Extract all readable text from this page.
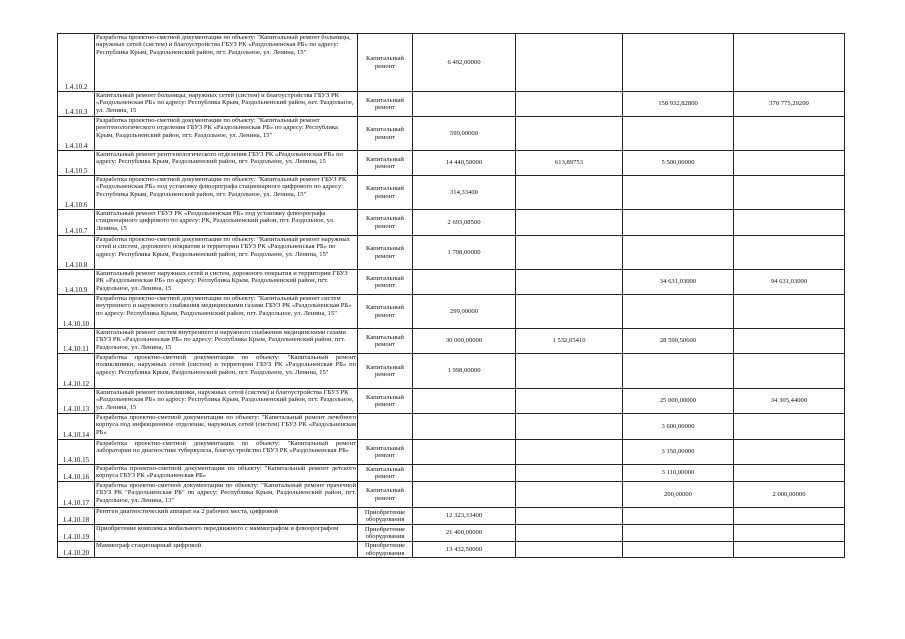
1.4.10.2	Разработка проектно-сметной документации по объекту: "Капитальный ремонт больницы, наружных сетей (систем) и благоустройства ГБУЗ РК «Раздольненская РБ» по адресу: Республика Крым, Раздольненский район, пгт. Раздольное, ул. Ленина, 15"	Капитальный ремонт	6 492,00000			
1.4.10.3	Капитальный ремонт больницы, наружных сетей (систем) и благоустройства ГБУЗ РК «Раздольненская РБ» по адресу: Республика Крым, Раздольненский район, пгт. Раздольное, ул. Ленина, 15	Капитальный ремонт			158 932,82800	370 775,29200
1.4.10.4	Разработка проектно-сметной документации по объекту: "Капитальный ремонт рентгенологического отделения ГБУЗ РК «Раздольненская РБ» по адресу: Республика Крым, Раздольненский район, пгт. Раздольное, ул. Ленина, 15"	Капитальный ремонт	599,00000			
1.4.10.5	Капитальный ремонт рентгенологического отделения ГБУЗ РК «Раздольненская РБ» по адресу: Республика Крым, Раздольненский район, пгт. Раздольное, ул. Ленина, 15	Капитальный ремонт	14 440,50000	613,89753	5 500,00000	
1.4.10.6	Разработка проектно-сметной документации по объекту: "Капитальный ремонт ГБУЗ РК «Раздольненская РБ» под установку флюорографа стационарного цифрового по адресу: Республика Крым, Раздольненский район, пгт. Раздольное, ул. Ленина, 15"	Капитальный ремонт	314,33400			
1.4.10.7	Капитальный ремонт ГБУЗ РК «Раздольненская РБ» под установку флюорографа стационарного цифрового по адресу: РК, Раздольненский район, пгт. Раздольное, ул. Ленина, 15	Капитальный ремонт	2 693,08500			
1.4.10.8	Разработка проектно-сметной документации по объекту: "Капитальный ремонт наружных сетей и систем, дорожного покрытия и территории ГБУЗ РК «Раздольненская РБ» по адресу: Республика Крым, Раздольненский район, пгт. Раздольное, ул. Ленина, 15"	Капитальный ремонт	1 798,00000			
1.4.10.9	Капитальный ремонт наружных сетей и систем, дорожного покрытия и территории ГБУЗ РК «Раздольненская РБ» по адресу: Республика Крым, Раздольненский район, пгт. Раздольное, ул. Ленина, 15	Капитальный ремонт			34 631,03000	94 631,03000
1.4.10.10	Разработка проектно-сметной документации по объекту: "Капитальный ремонт систем внутреннего и наружного снабжения медицинскими газами ГБУЗ РК «Раздольненская РБ» по адресу: Республика Крым, Раздольненский район, пгт. Раздольное, ул. Ленина, 15"	Капитальный ремонт	299,00000			
1.4.10.11	Капитальный ремонт систем внутреннего и наружного снабжения медицинскими газами ГБУЗ РК «Раздольненская РБ» по адресу: Республика Крым, Раздольненский район, пгт. Раздольное, ул. Ленина, 15	Капитальный ремонт	30 000,00000	1 532,65410	28 590,50600	
1.4.10.12	Разработка проектно-сметной документации по объекту: "Капитальный ремонт поликлиники, наружных сетей (систем) и территории ГБУЗ РК «Раздольненская РБ» по адресу: Республика Крым, Раздольненский район, пгт. Раздольное, ул. Ленина, 15"	Капитальный ремонт	1 998,00000			
1.4.10.13	Капитальный ремонт поликлиники, наружных сетей (систем) и благоустройства ГБУЗ РК «Раздольненская РБ» по адресу: Республика Крым, Раздольненский район, пгт. Раздольное, ул. Ленина, 15	Капитальный ремонт			25 000,00000	34 305,44000
1.4.10.14	Разработка проектно-сметной документации по объекту: "Капитальный ремонт лечебного корпуса под инфекционное отделение, наружных сетей (систем) ГБУЗ РК «Раздольненская РБ»				3 600,00000	
1.4.10.15	Разработка проектно-сметной документации по объекту: "Капитальный ремонт лаборатории по диагностике туберкулеза, благоустройство ГБУЗ РК «Раздольненская РБ»	Капитальный ремонт			3 150,00000	
1.4.10.16	Разработка проектно-сметной документации по объекту: "Капитальный ремонт детского корпуса ГБУЗ РК «Раздольненская РБ»	Капитальный ремонт			3 110,00000	
1.4.10.17	Разработка проектно-сметной документации по объекту: "Капитальный ремонт прачечной ГБУЗ РК "Раздольненская РБ" по адресу: Республика Крым, Раздольненский район, пгт. Раздольное, ул. Ленина, 13"	Капитальный ремонт			200,00000	2 000,00000
1.4.10.18	Рентген диагностический аппарат на 2 рабочих места, цифровой	Приобретение оборудования	12 323,33400			
1.4.10.19	Приобретение комплекса мобильного передвижного с маммографом и флюорографом	Приобретение оборудования	21 400,00000			
1.4.10.20	Маммограф стационарный цифровой	Приобретение оборудования	13 432,50000			
